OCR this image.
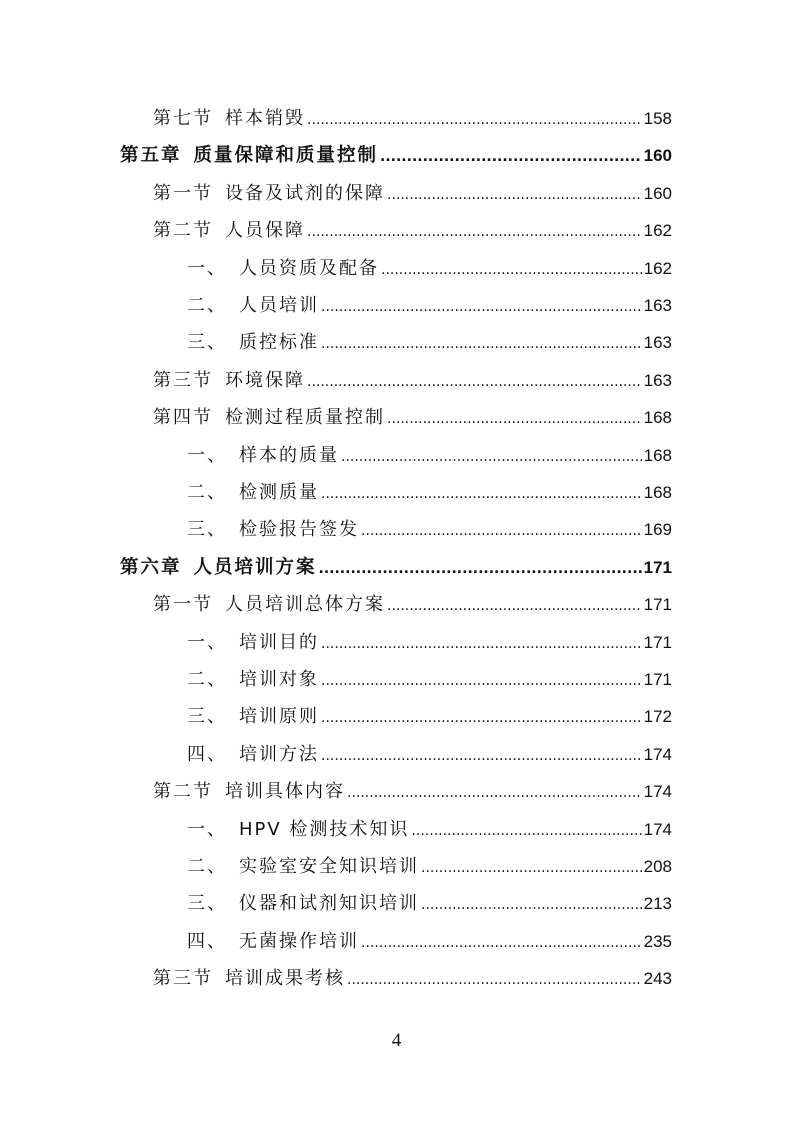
第七节 样本销毁 .....	158
第五章 质量保障和质量控制 .....	160
第一节 设备及试剂的保障 .....	160
第二节 人员保障 .....	162
一、 人员资质及配备 .....	162
二、 人员培训 .....	163
三、 质控标准 .....	163
第三节 环境保障 .....	163
第四节 检测过程质量控制 .....	168
一、 样本的质量 .....	168
二、 检测质量 .....	168
三、 检验报告签发 .....	169
第六章 人员培训方案 .....	171
第一节 人员培训总体方案 .....	171
一、 培训目的 .....	171
二、 培训对象 .....	171
三、 培训原则 .....	172
四、 培训方法 .....	174
第二节 培训具体内容 .....	174
一、 HPV 检测技术知识 .....	174
二、 实验室安全知识培训 .....	208
三、 仪器和试剂知识培训 .....	213
四、 无菌操作培训 .....	235
第三节 培训成果考核 .....	243
4
